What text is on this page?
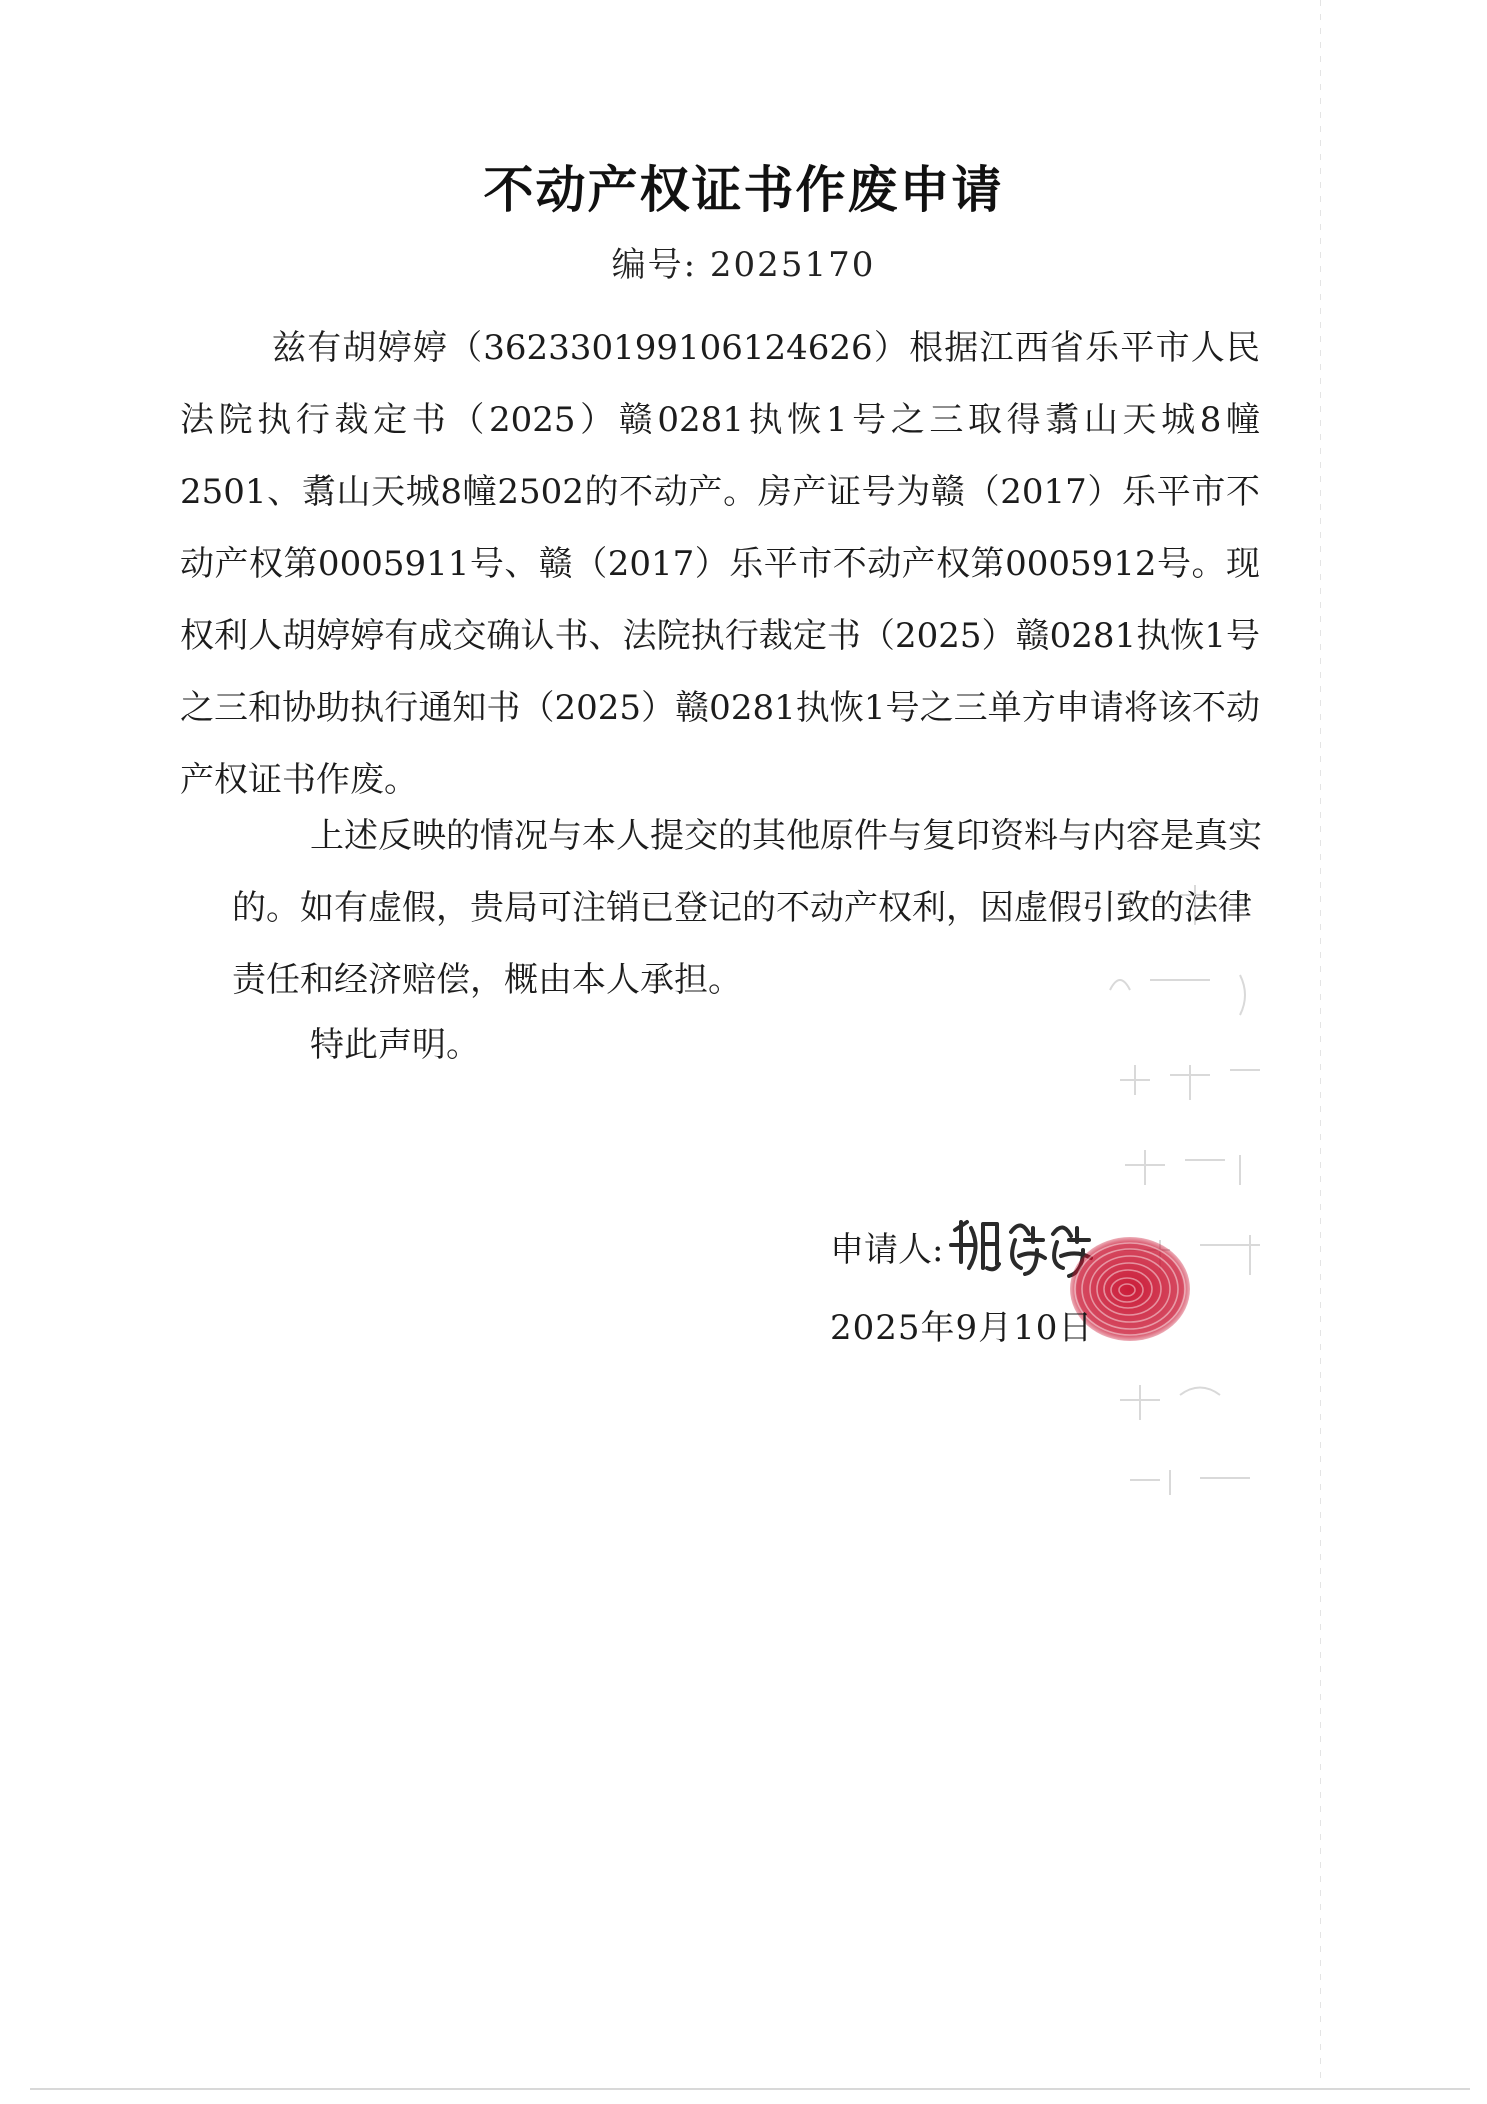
不动产权证书作废申请
编号: 2025170
兹有胡婷婷（362330199106124626）根据江西省乐平市人民法院执行裁定书（2025）赣0281执恢1号之三取得翥山天城8幢2501、翥山天城8幢2502的不动产。房产证号为赣（2017）乐平市不动产权第0005911号、赣（2017）乐平市不动产权第0005912号。现权利人胡婷婷有成交确认书、法院执行裁定书（2025）赣0281执恢1号之三和协助执行通知书（2025）赣0281执恢1号之三单方申请将该不动产权证书作废。
上述反映的情况与本人提交的其他原件与复印资料与内容是真实的。如有虚假，贵局可注销已登记的不动产权利，因虚假引致的法律责任和经济赔偿，概由本人承担。
特此声明。
申请人:
2025年9月10日
